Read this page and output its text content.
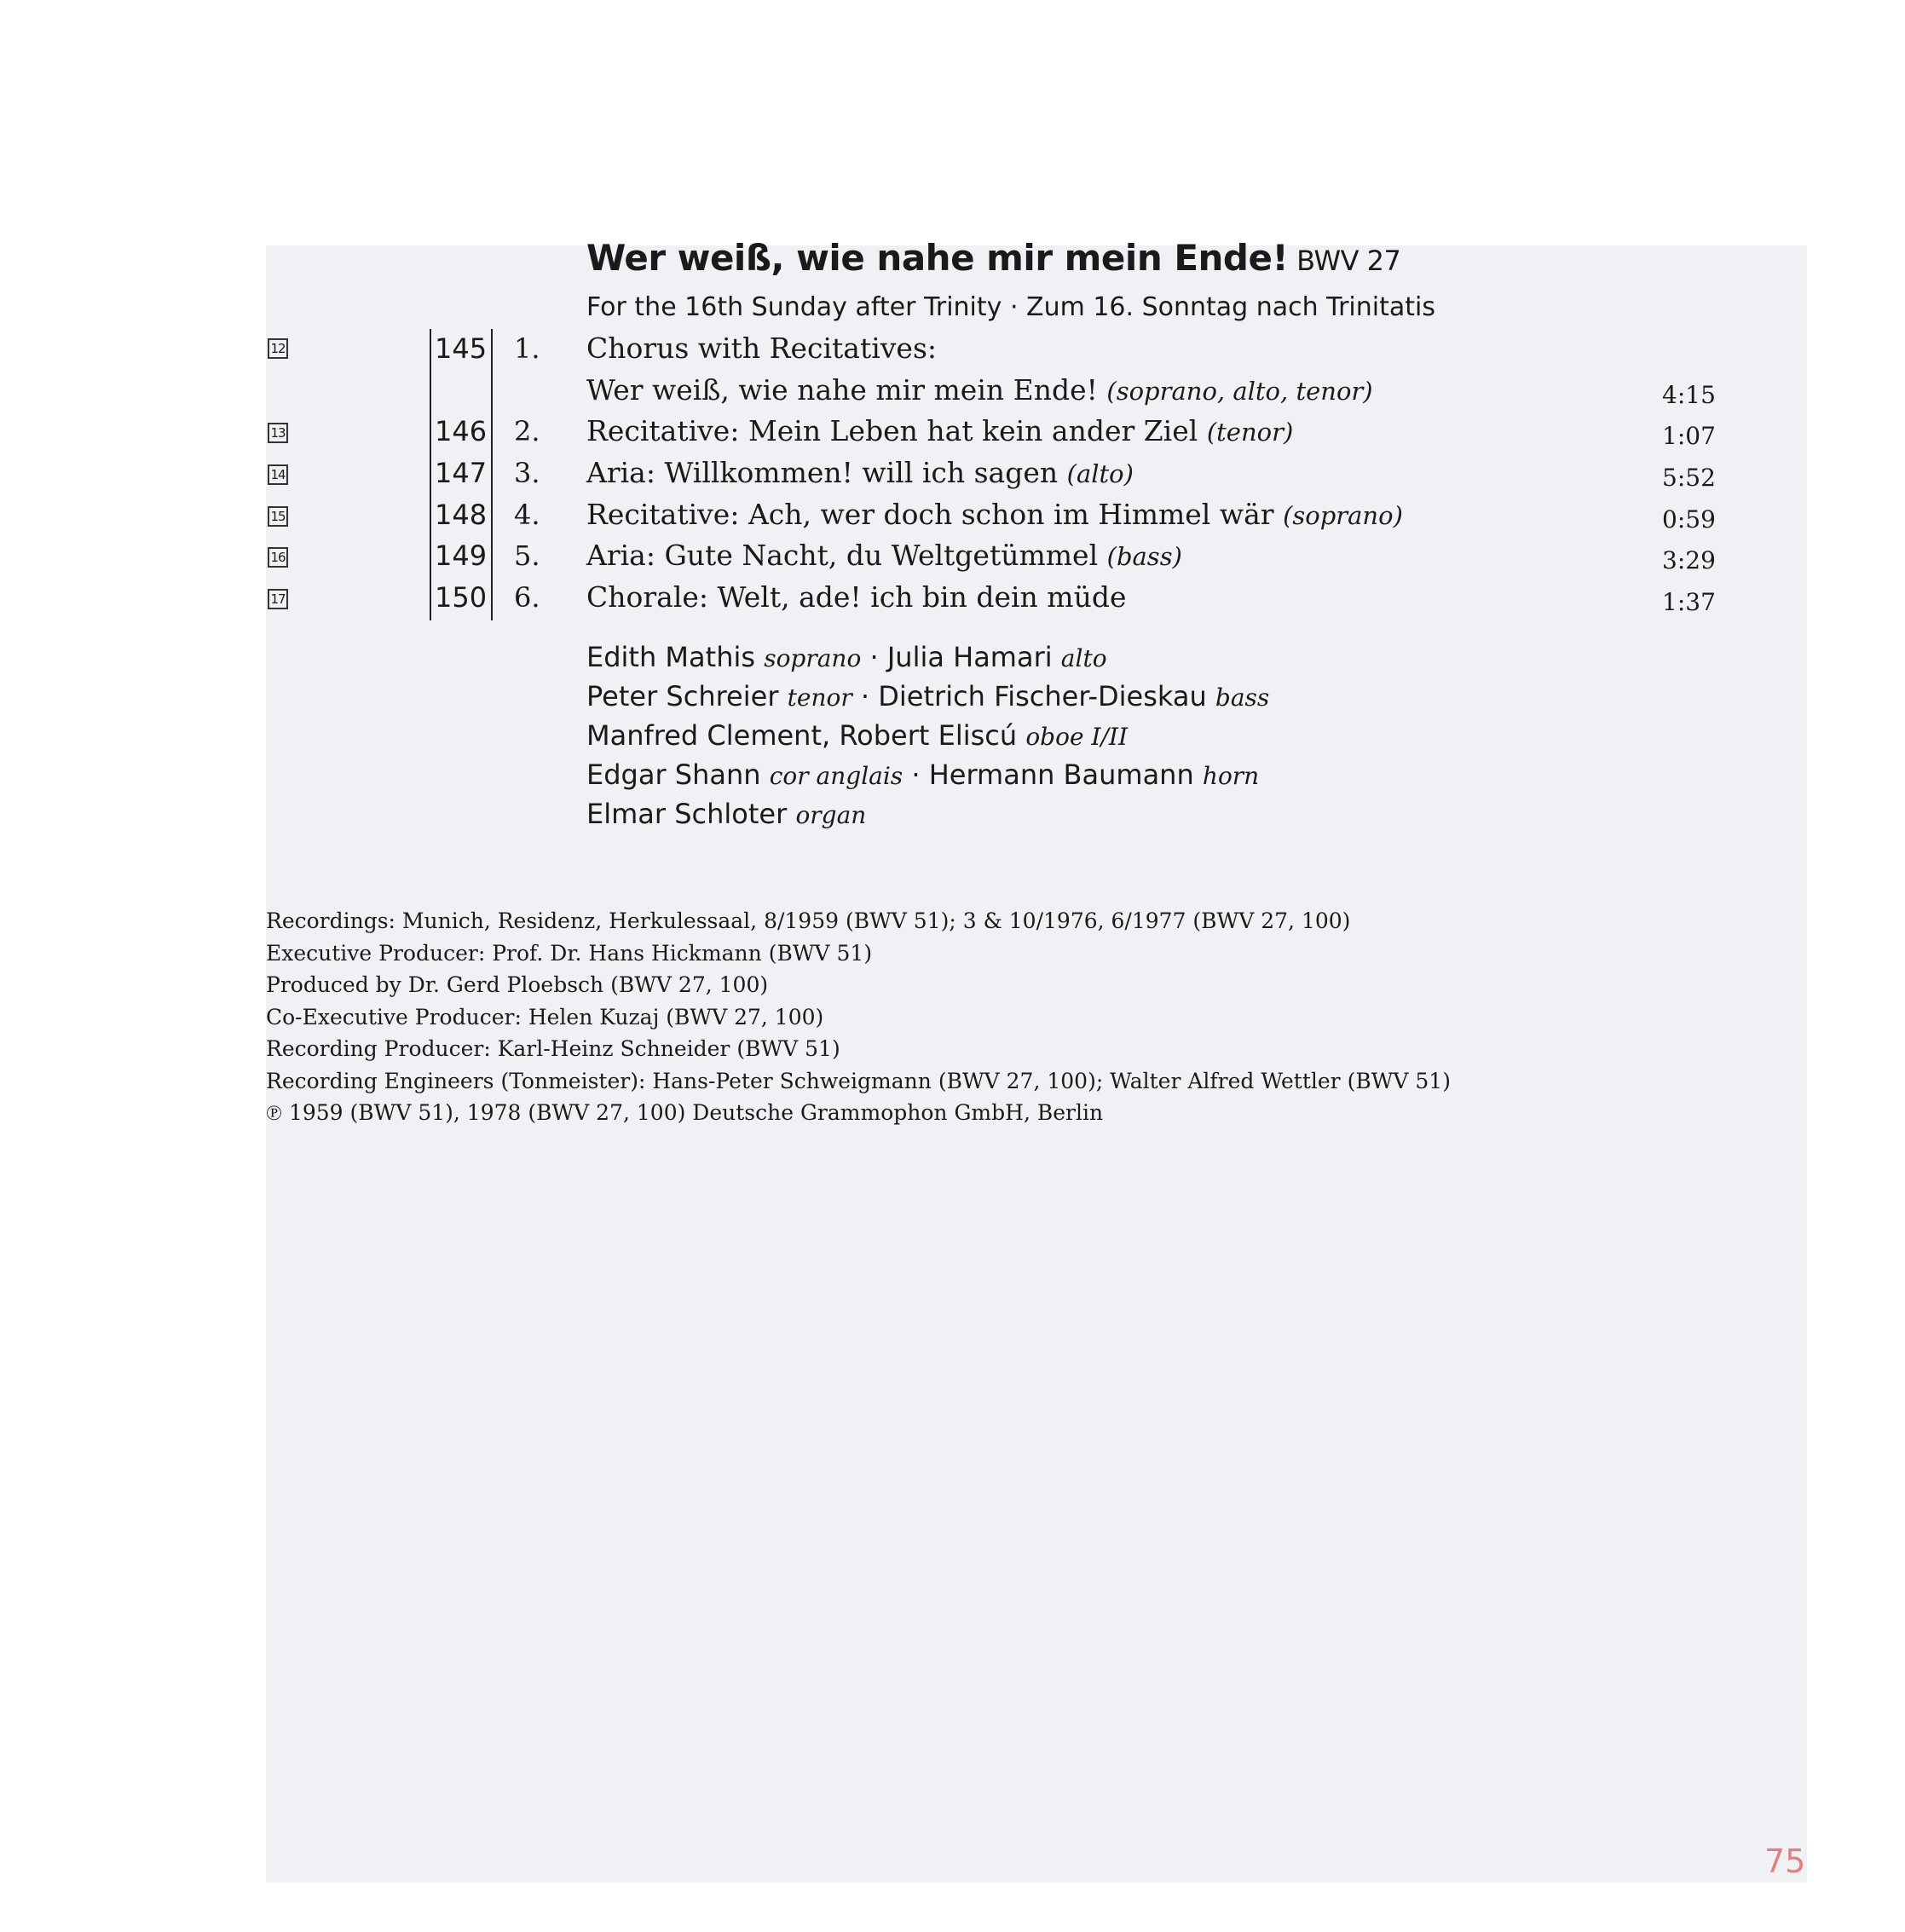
Wer weiß, wie nahe mir mein Ende! BWV 27
For the 16th Sunday after Trinity · Zum 16. Sonntag nach Trinitatis
12	145 1. Chorus with Recitatives:
Wer weiß, wie nahe mir mein Ende! (soprano, alto, tenor)	4:15
13	146 2. Recitative: Mein Leben hat kein ander Ziel (tenor)	1:07
14	147 3. Aria: Willkommen! will ich sagen (alto)	5:52
15	148 4. Recitative: Ach, wer doch schon im Himmel wär (soprano)	0:59
16	149 5. Aria: Gute Nacht, du Weltgetümmel (bass)	3:29
17	150 6. Chorale: Welt, ade! ich bin dein müde	1:37
Edith Mathis soprano · Julia Hamari alto
Peter Schreier tenor · Dietrich Fischer-Dieskau bass
Manfred Clement, Robert Eliscú oboe I/II
Edgar Shann cor anglais · Hermann Baumann horn
Elmar Schloter organ
Recordings: Munich, Residenz, Herkulessaal, 8/1959 (BWV 51); 3 & 10/1976, 6/1977 (BWV 27, 100)
Executive Producer: Prof. Dr. Hans Hickmann (BWV 51)
Produced by Dr. Gerd Ploebsch (BWV 27, 100)
Co-Executive Producer: Helen Kuzaj (BWV 27, 100)
Recording Producer: Karl-Heinz Schneider (BWV 51)
Recording Engineers (Tonmeister): Hans-Peter Schweigmann (BWV 27, 100); Walter Alfred Wettler (BWV 51)
℗ 1959 (BWV 51), 1978 (BWV 27, 100) Deutsche Grammophon GmbH, Berlin
75
